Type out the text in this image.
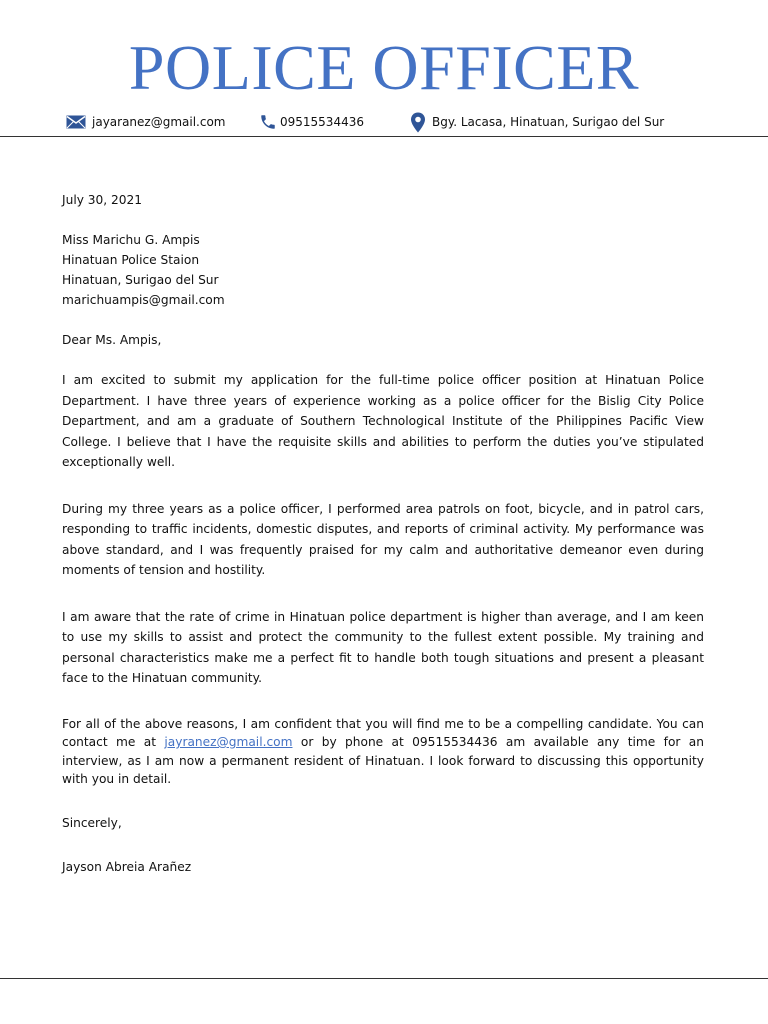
POLICE OFFICER
jayaranez@gmail.com	09515534436	Bgy. Lacasa, Hinatuan, Surigao del Sur

July 30, 2021

Miss Marichu G. Ampis

Hinatuan Police Staion

Hinatuan, Surigao del Sur

marichuampis@gmail.com

Dear Ms. Ampis,

I am excited to submit my application for the full-time police officer position at Hinatuan Police Department. I have three years of experience working as a police officer for the Bislig City Police Department, and am a graduate of Southern Technological Institute of the Philippines Pacific View College. I believe that I have the requisite skills and abilities to perform the duties you’ve stipulated exceptionally well.

During my three years as a police officer, I performed area patrols on foot, bicycle, and in patrol cars, responding to traffic incidents, domestic disputes, and reports of criminal activity. My performance was above standard, and I was frequently praised for my calm and authoritative demeanor even during moments of tension and hostility.

I am aware that the rate of crime in Hinatuan police department is higher than average, and I am keen to use my skills to assist and protect the community to the fullest extent possible. My training and personal characteristics make me a perfect fit to handle both tough situations and present a pleasant face to the Hinatuan community.

For all of the above reasons, I am confident that you will find me to be a compelling candidate. You can contact me at jayranez@gmail.com or by phone at 09515534436 am available any time for an interview, as I am now a permanent resident of Hinatuan. I look forward to discussing this opportunity with you in detail.

Sincerely,

Jayson Abreia Arañez
